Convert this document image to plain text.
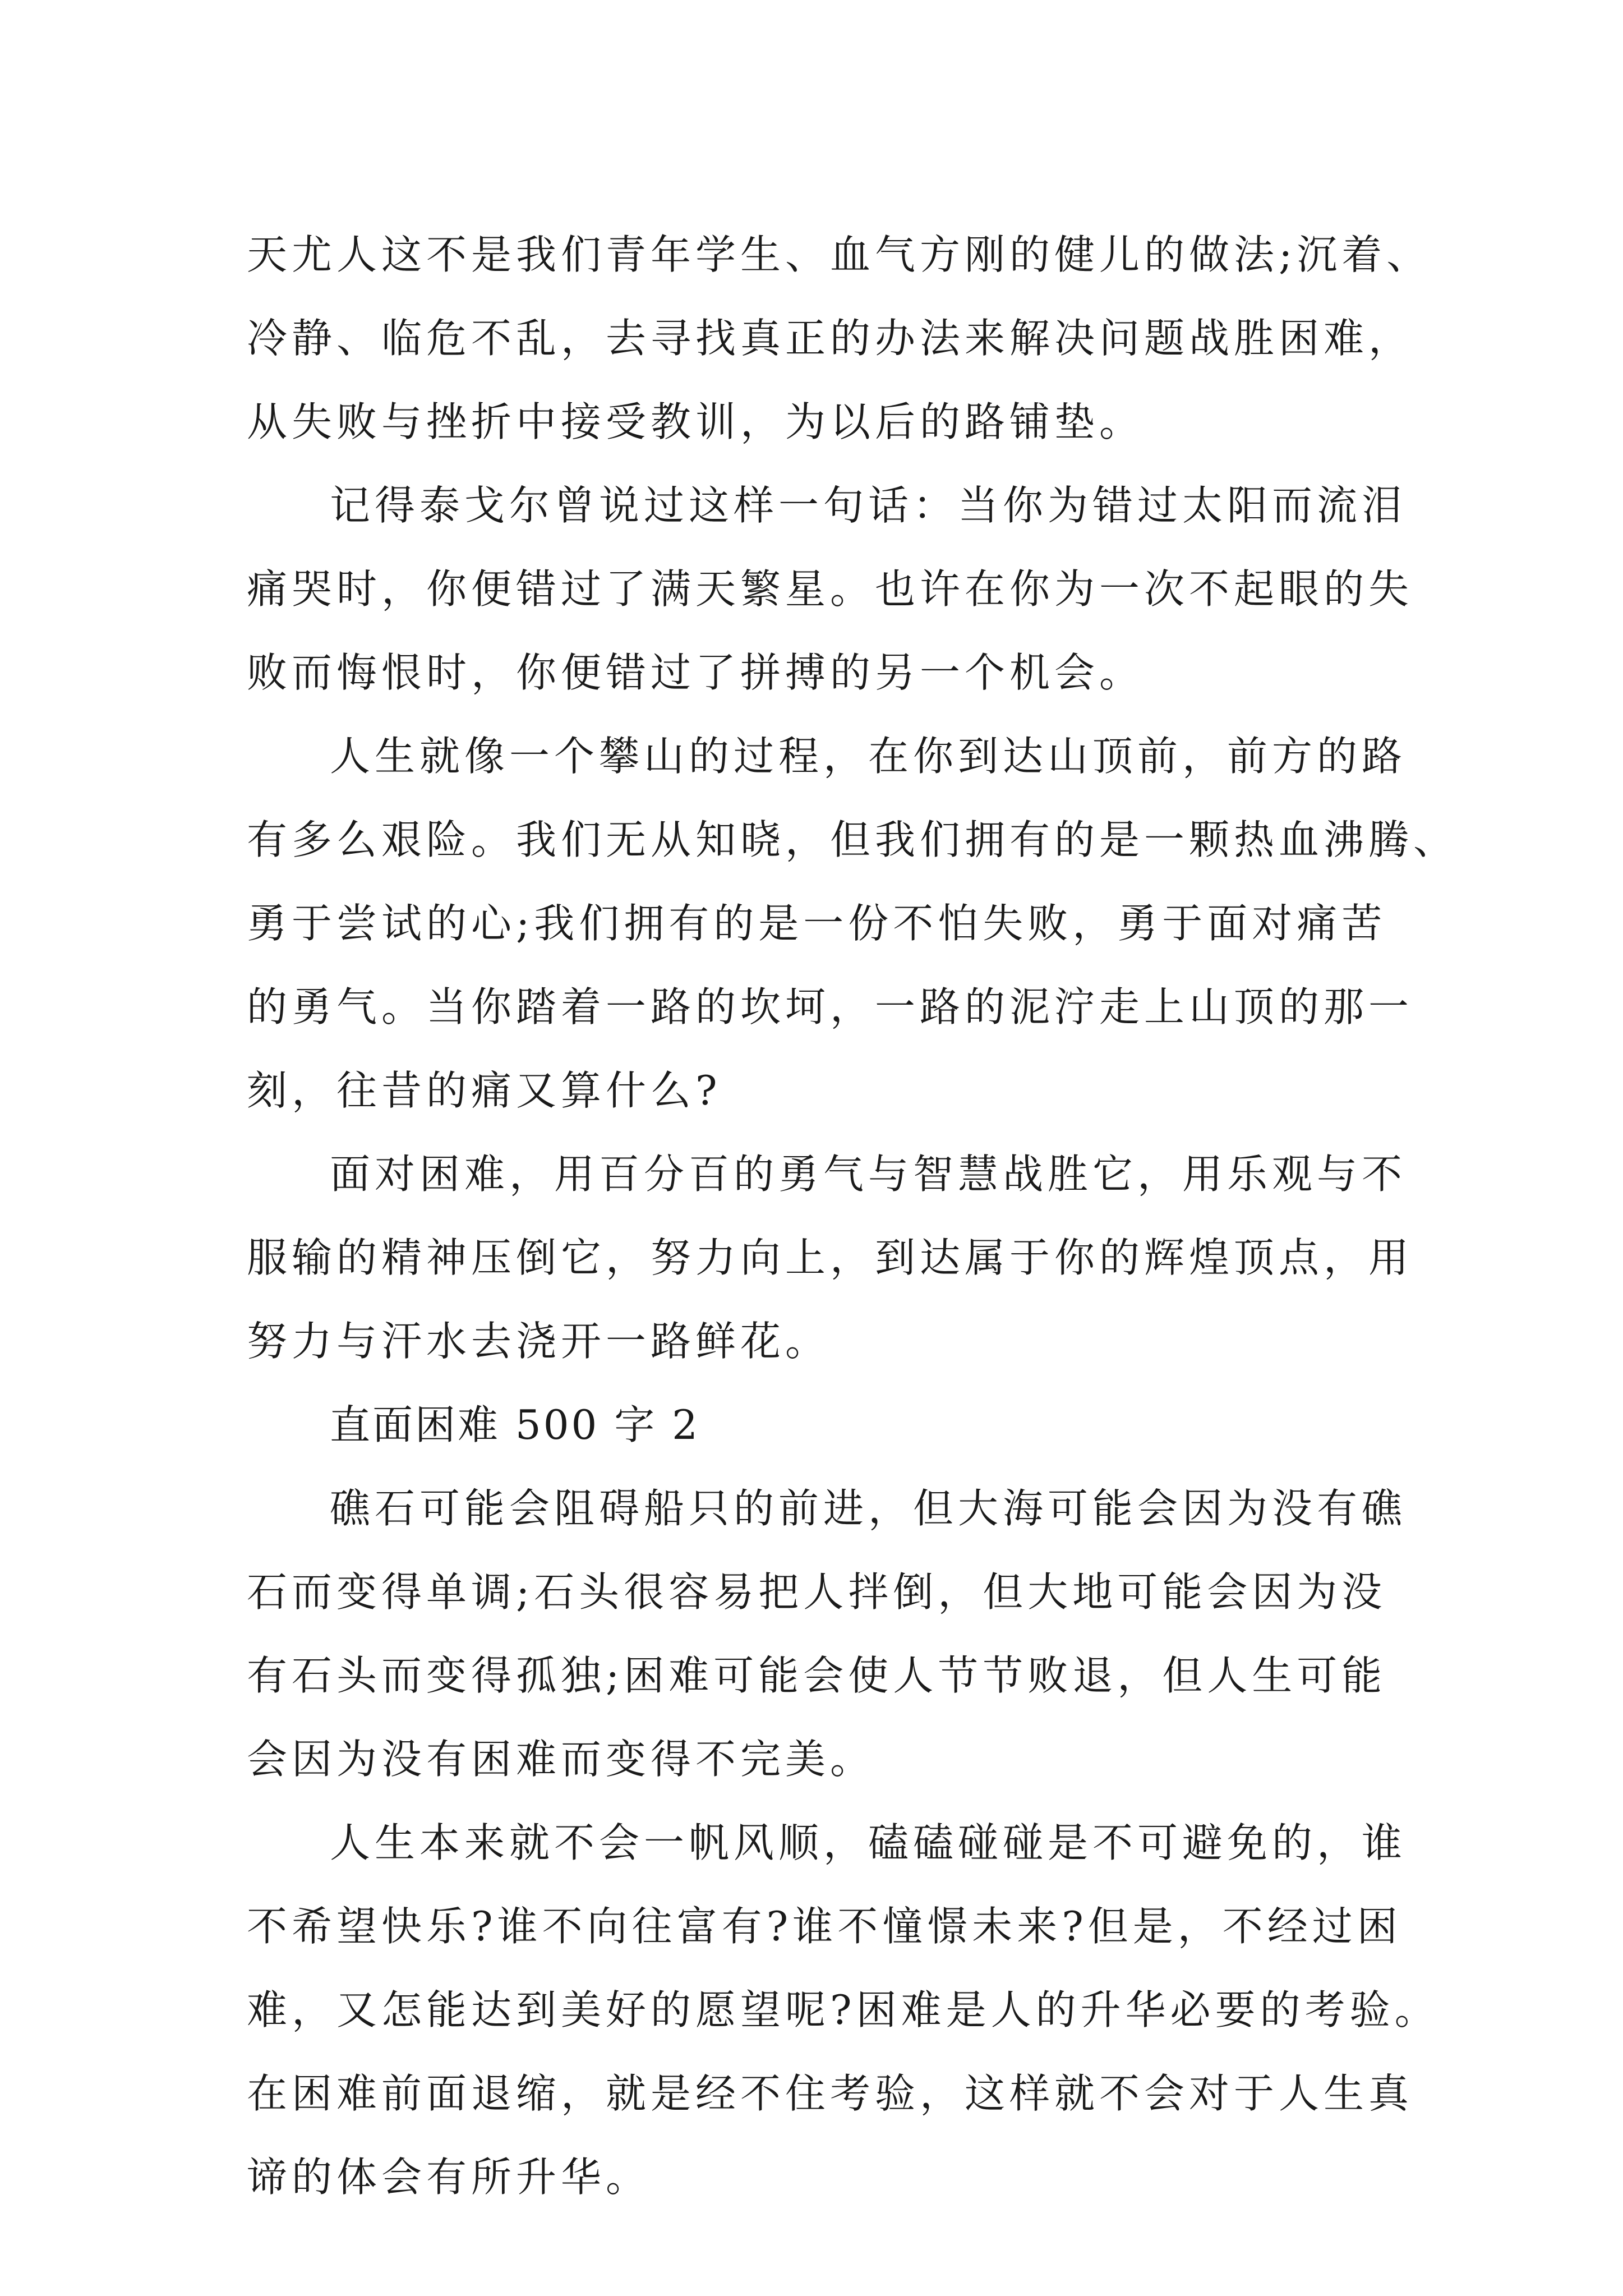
天尤人这不是我们青年学生、血气方刚的健儿的做法;沉着、
冷静、临危不乱，去寻找真正的办法来解决问题战胜困难，
从失败与挫折中接受教训，为以后的路铺垫。
记得泰戈尔曾说过这样一句话：当你为错过太阳而流泪
痛哭时，你便错过了满天繁星。也许在你为一次不起眼的失
败而悔恨时，你便错过了拼搏的另一个机会。
人生就像一个攀山的过程，在你到达山顶前，前方的路
有多么艰险。我们无从知晓，但我们拥有的是一颗热血沸腾、
勇于尝试的心;我们拥有的是一份不怕失败，勇于面对痛苦
的勇气。当你踏着一路的坎坷，一路的泥泞走上山顶的那一
刻，往昔的痛又算什么?
面对困难，用百分百的勇气与智慧战胜它，用乐观与不
服输的精神压倒它，努力向上，到达属于你的辉煌顶点，用
努力与汗水去浇开一路鲜花。
直面困难 500 字 2
礁石可能会阻碍船只的前进，但大海可能会因为没有礁
石而变得单调;石头很容易把人拌倒，但大地可能会因为没
有石头而变得孤独;困难可能会使人节节败退，但人生可能
会因为没有困难而变得不完美。
人生本来就不会一帆风顺，磕磕碰碰是不可避免的，谁
不希望快乐?谁不向往富有?谁不憧憬未来?但是，不经过困
难，又怎能达到美好的愿望呢?困难是人的升华必要的考验。
在困难前面退缩，就是经不住考验，这样就不会对于人生真
谛的体会有所升华。
